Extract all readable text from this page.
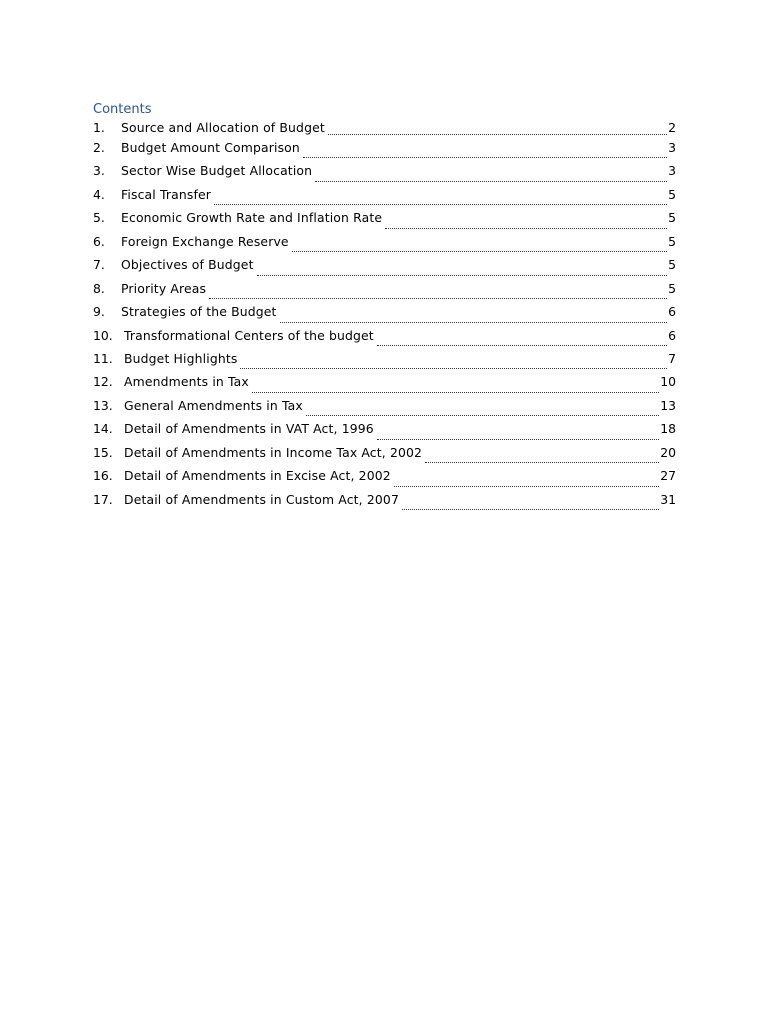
Contents
1.	Source and Allocation of Budget	2
2.	Budget Amount Comparison	3
3.	Sector Wise Budget Allocation	3
4.	Fiscal Transfer	5
5.	Economic Growth Rate and Inflation Rate	5
6.	Foreign Exchange Reserve	5
7.	Objectives of Budget	5
8.	Priority Areas	5
9.	Strategies of the Budget	6
10. Transformational Centers of the budget	6
11. Budget Highlights	7
12. Amendments in Tax	10
13. General Amendments in Tax	13
14. Detail of Amendments in VAT Act, 1996	18
15. Detail of Amendments in Income Tax Act, 2002	20
16. Detail of Amendments in Excise Act, 2002	27
17. Detail of Amendments in Custom Act, 2007	31
